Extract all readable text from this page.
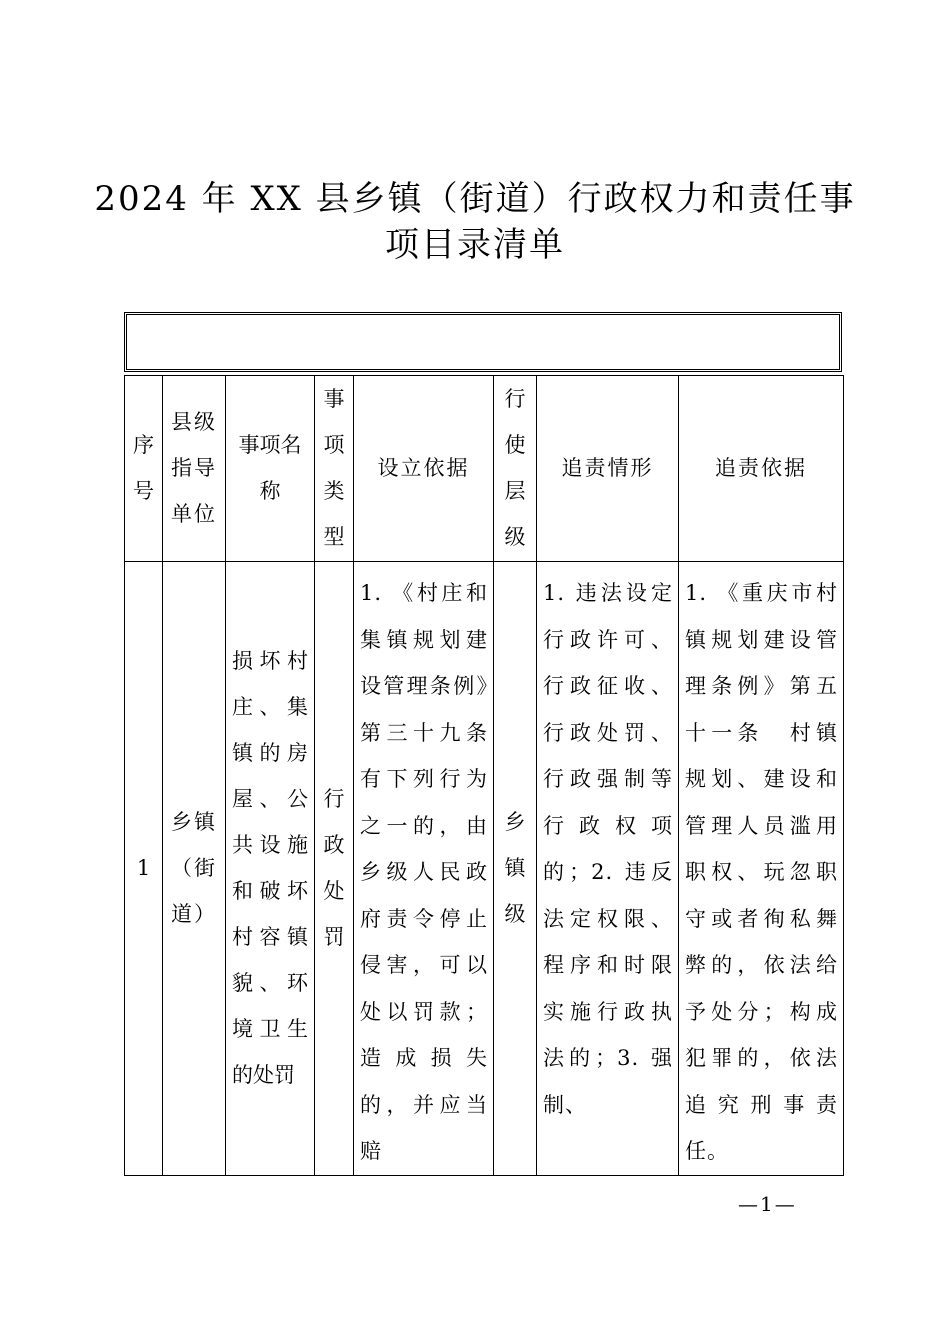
2024 年 XX 县乡镇（街道）行政权力和责任事
项目录清单
序号	县级指导单位	事项名称	事项类型	设立依据	行使层级	追责情形	追责依据
1	乡镇（街道）	损坏村庄、集镇的房屋、公共设施和破坏村容镇貌、环境卫生的处罚	行政处罚	1. 《村庄和集镇规划建设管理条例》第三十九条　有下列行为之一的，由乡级人民政府责令停止侵害，可以处以罚款；造成损失的，并应当赔	乡镇级	1. 违法设定行政许可、行政征收、行政处罚、行政强制等行政权项的；2. 违反法定权限、程序和时限实施行政执法的；3. 强制、	1. 《重庆市村镇规划建设管理条例》第五十一条　村镇规划、建设和管理人员滥用职权、玩忽职守或者徇私舞弊的，依法给予处分；构成犯罪的，依法追究刑事责任。
—1—
